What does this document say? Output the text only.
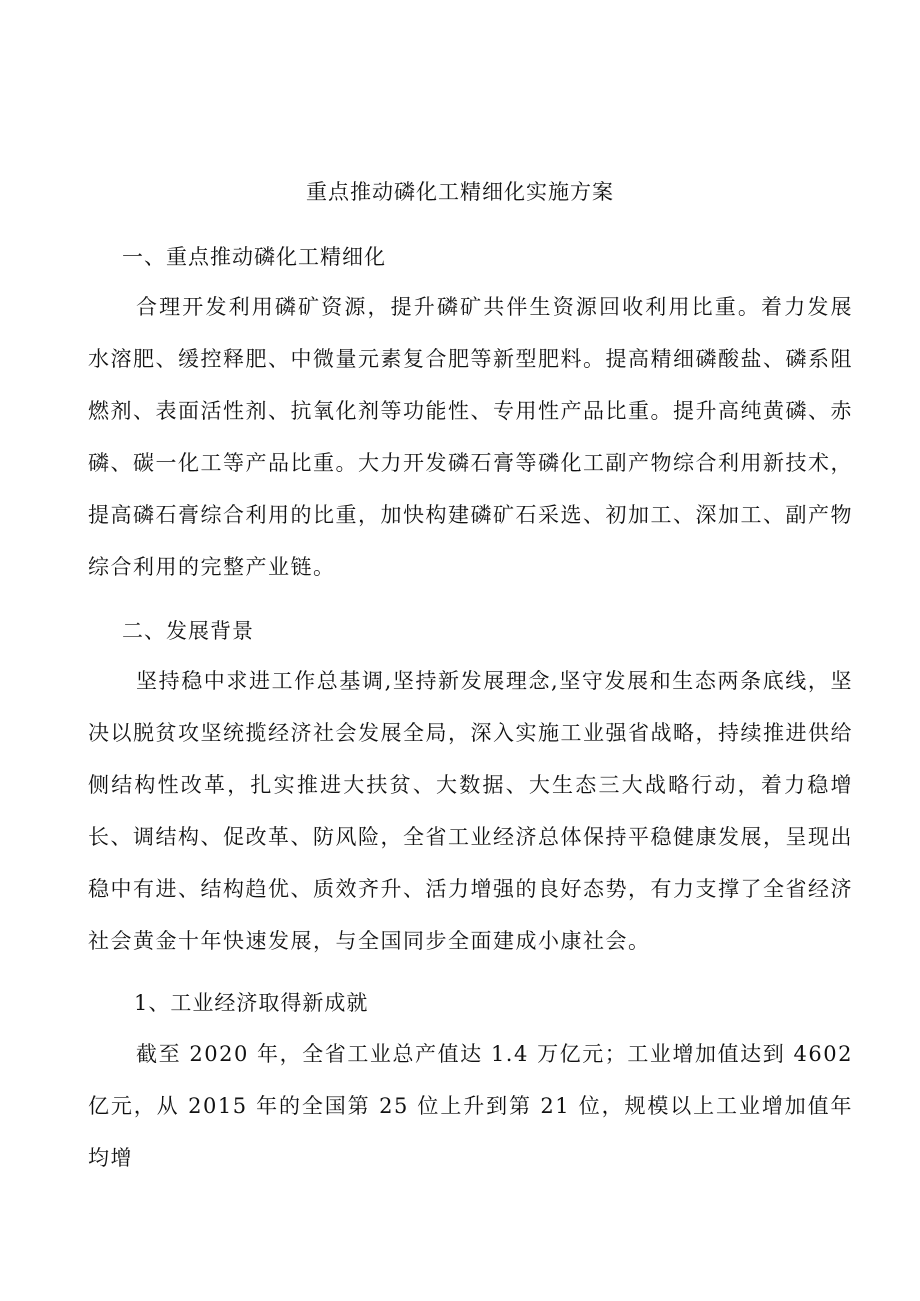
重点推动磷化工精细化实施方案
一、重点推动磷化工精细化
合理开发利用磷矿资源，提升磷矿共伴生资源回收利用比重。着力发展水溶肥、缓控释肥、中微量元素复合肥等新型肥料。提高精细磷酸盐、磷系阻燃剂、表面活性剂、抗氧化剂等功能性、专用性产品比重。提升高纯黄磷、赤磷、碳一化工等产品比重。大力开发磷石膏等磷化工副产物综合利用新技术，提高磷石膏综合利用的比重，加快构建磷矿石采选、初加工、深加工、副产物综合利用的完整产业链。
二、发展背景
坚持稳中求进工作总基调,坚持新发展理念,坚守发展和生态两条底线，坚决以脱贫攻坚统揽经济社会发展全局，深入实施工业强省战略，持续推进供给侧结构性改革，扎实推进大扶贫、大数据、大生态三大战略行动，着力稳增长、调结构、促改革、防风险，全省工业经济总体保持平稳健康发展，呈现出稳中有进、结构趋优、质效齐升、活力增强的良好态势，有力支撑了全省经济社会黄金十年快速发展，与全国同步全面建成小康社会。
1、工业经济取得新成就
截至 2020 年，全省工业总产值达 1.4 万亿元；工业增加值达到 4602 亿元，从 2015 年的全国第 25 位上升到第 21 位，规模以上工业增加值年均增
